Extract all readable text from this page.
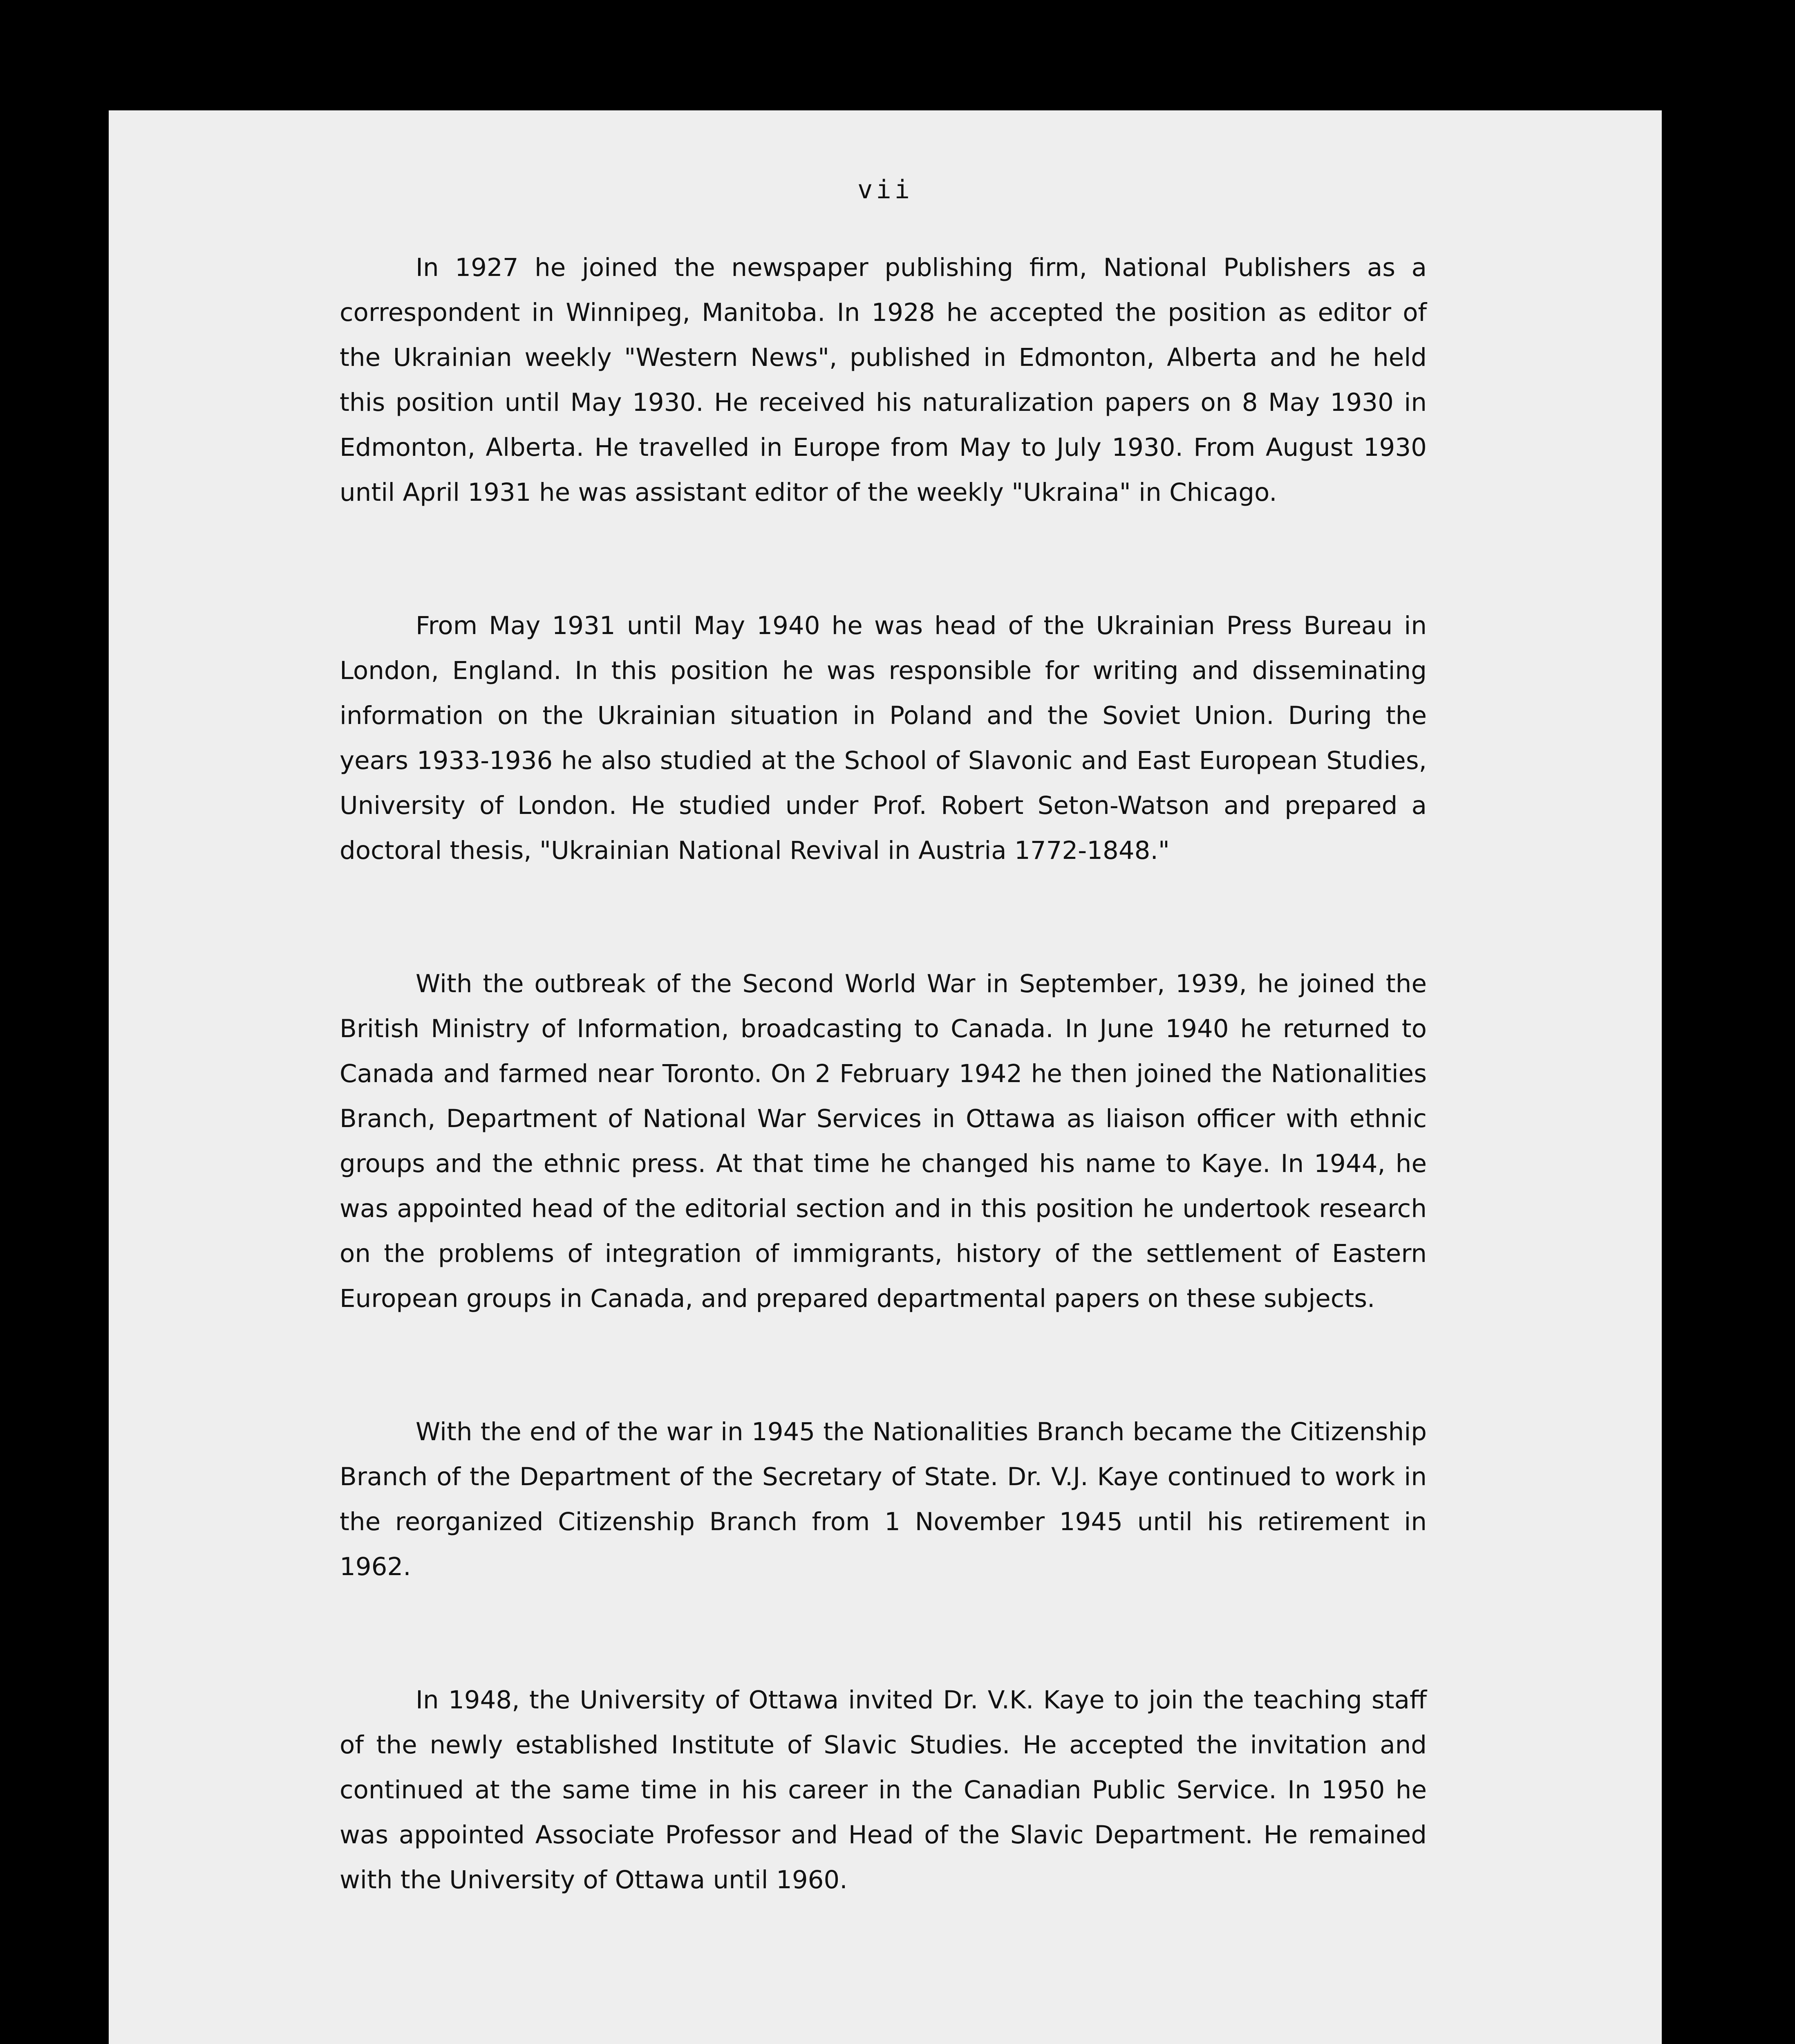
vii

In 1927 he joined the newspaper publishing firm, National Publishers as a correspondent in Winnipeg, Manitoba. In 1928 he accepted the position as editor of the Ukrainian weekly "Western News", published in Edmonton, Alberta and he held this position until May 1930. He received his naturalization papers on 8 May 1930 in Edmonton, Alberta. He travelled in Europe from May to July 1930. From August 1930 until April 1931 he was assistant editor of the weekly "Ukraina" in Chicago.

From May 1931 until May 1940 he was head of the Ukrainian Press Bureau in London, England. In this position he was responsible for writing and disseminating information on the Ukrainian situation in Poland and the Soviet Union. During the years 1933-1936 he also studied at the School of Slavonic and East European Studies, University of London. He studied under Prof. Robert Seton-Watson and prepared a doctoral thesis, "Ukrainian National Revival in Austria 1772-1848."

With the outbreak of the Second World War in September, 1939, he joined the British Ministry of Information, broadcasting to Canada. In June 1940 he returned to Canada and farmed near Toronto. On 2 February 1942 he then joined the Nationalities Branch, Department of National War Services in Ottawa as liaison officer with ethnic groups and the ethnic press. At that time he changed his name to Kaye. In 1944, he was appointed head of the editorial section and in this position he undertook research on the problems of integration of immigrants, history of the settlement of Eastern European groups in Canada, and prepared departmental papers on these subjects.

With the end of the war in 1945 the Nationalities Branch became the Citizenship Branch of the Department of the Secretary of State. Dr. V.J. Kaye continued to work in the reorganized Citizenship Branch from 1 November 1945 until his retirement in 1962.

In 1948, the University of Ottawa invited Dr. V.K. Kaye to join the teaching staff of the newly established Institute of Slavic Studies. He accepted the invitation and continued at the same time in his career in the Canadian Public Service. In 1950 he was appointed Associate Professor and Head of the Slavic Department. He remained with the University of Ottawa until 1960.
